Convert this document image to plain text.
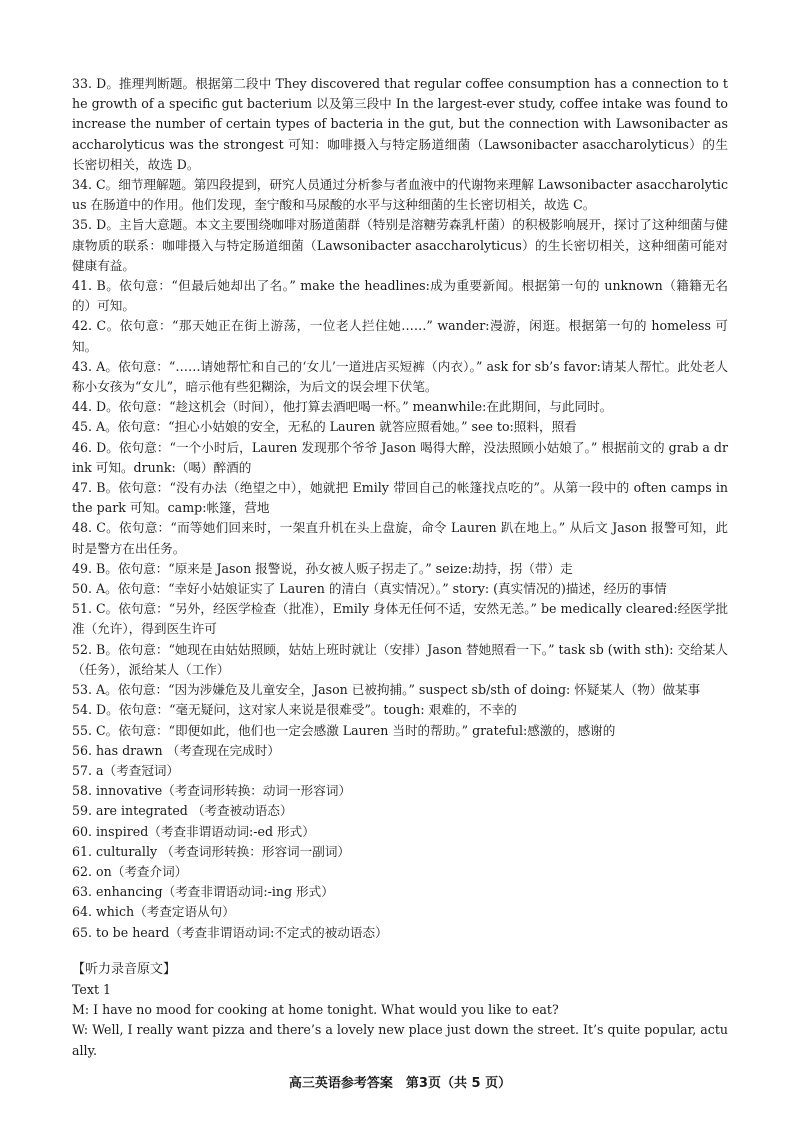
33. D。推理判断题。根据第二段中 They discovered that regular coffee consumption has a connection to the growth of a specific gut bacterium 以及第三段中 In the largest-ever study, coffee intake was found to increase the number of certain types of bacteria in the gut, but the connection with Lawsonibacter asaccharolyticus was the strongest 可知：咖啡摄入与特定肠道细菌（Lawsonibacter asaccharolyticus）的生长密切相关，故选 D。

34. C。细节理解题。第四段提到，研究人员通过分析参与者血液中的代谢物来理解 Lawsonibacter asaccharolyticus 在肠道中的作用。他们发现，奎宁酸和马尿酸的水平与这种细菌的生长密切相关，故选 C。

35. D。主旨大意题。本文主要围绕咖啡对肠道菌群（特别是溶糖劳森乳杆菌）的积极影响展开，探讨了这种细菌与健康物质的联系：咖啡摄入与特定肠道细菌（Lawsonibacter asaccharolyticus）的生长密切相关，这种细菌可能对健康有益。

41. B。依句意：“但最后她却出了名。” make the headlines:成为重要新闻。根据第一句的 unknown（籍籍无名的）可知。

42. C。依句意：“那天她正在街上游荡，一位老人拦住她……” wander:漫游，闲逛。根据第一句的 homeless 可知。

43. A。依句意：“……请她帮忙和自己的‘女儿’一道进店买短裤（内衣）。” ask for sb’s favor:请某人帮忙。此处老人称小女孩为“女儿”，暗示他有些犯糊涂，为后文的误会埋下伏笔。

44. D。依句意：“趁这机会（时间），他打算去酒吧喝一杯。” meanwhile:在此期间，与此同时。

45. A。依句意：“担心小姑娘的安全，无私的 Lauren 就答应照看她。” see to:照料，照看

46. D。依句意：“一个小时后，Lauren 发现那个爷爷 Jason 喝得大醉，没法照顾小姑娘了。” 根据前文的 grab a drink 可知。drunk:（喝）醉酒的

47. B。依句意：“没有办法（绝望之中），她就把 Emily 带回自己的帐篷找点吃的”。从第一段中的 often camps in the park 可知。camp:帐篷，营地

48. C。依句意：“而等她们回来时，一架直升机在头上盘旋，命令 Lauren 趴在地上。” 从后文 Jason 报警可知，此时是警方在出任务。

49. B。依句意：“原来是 Jason 报警说，孙女被人贩子拐走了。” seize:劫持，拐（带）走

50. A。依句意：“幸好小姑娘证实了 Lauren 的清白（真实情况）。” story: (真实情况的)描述，经历的事情

51. C。依句意：“另外，经医学检查（批准），Emily 身体无任何不适，安然无恙。” be medically cleared:经医学批准（允许），得到医生许可

52. B。依句意：“她现在由姑姑照顾，姑姑上班时就让（安排）Jason 替她照看一下。” task sb (with sth): 交给某人（任务），派给某人（工作）

53. A。依句意：“因为涉嫌危及儿童安全，Jason 已被拘捕。” suspect sb/sth of doing: 怀疑某人（物）做某事

54. D。依句意：“毫无疑问，这对家人来说是很难受”。tough: 艰难的，不幸的

55. C。依句意：“即便如此，他们也一定会感激 Lauren 当时的帮助。” grateful:感激的，感谢的

56. has drawn （考查现在完成时）

57. a（考查冠词）

58. innovative（考查词形转换：动词一形容词）

59. are integrated （考查被动语态）

60. inspired（考查非谓语动词:-ed 形式）

61. culturally （考查词形转换：形容词一副词）

62. on（考查介词）

63. enhancing（考查非谓语动词:-ing 形式）

64. which（考查定语从句）

65. to be heard（考查非谓语动词:不定式的被动语态）

【听力录音原文】

Text 1

M: I have no mood for cooking at home tonight. What would you like to eat?

W: Well, I really want pizza and there’s a lovely new place just down the street. It’s quite popular, actually.

高三英语参考答案　第3页（共 5 页）
